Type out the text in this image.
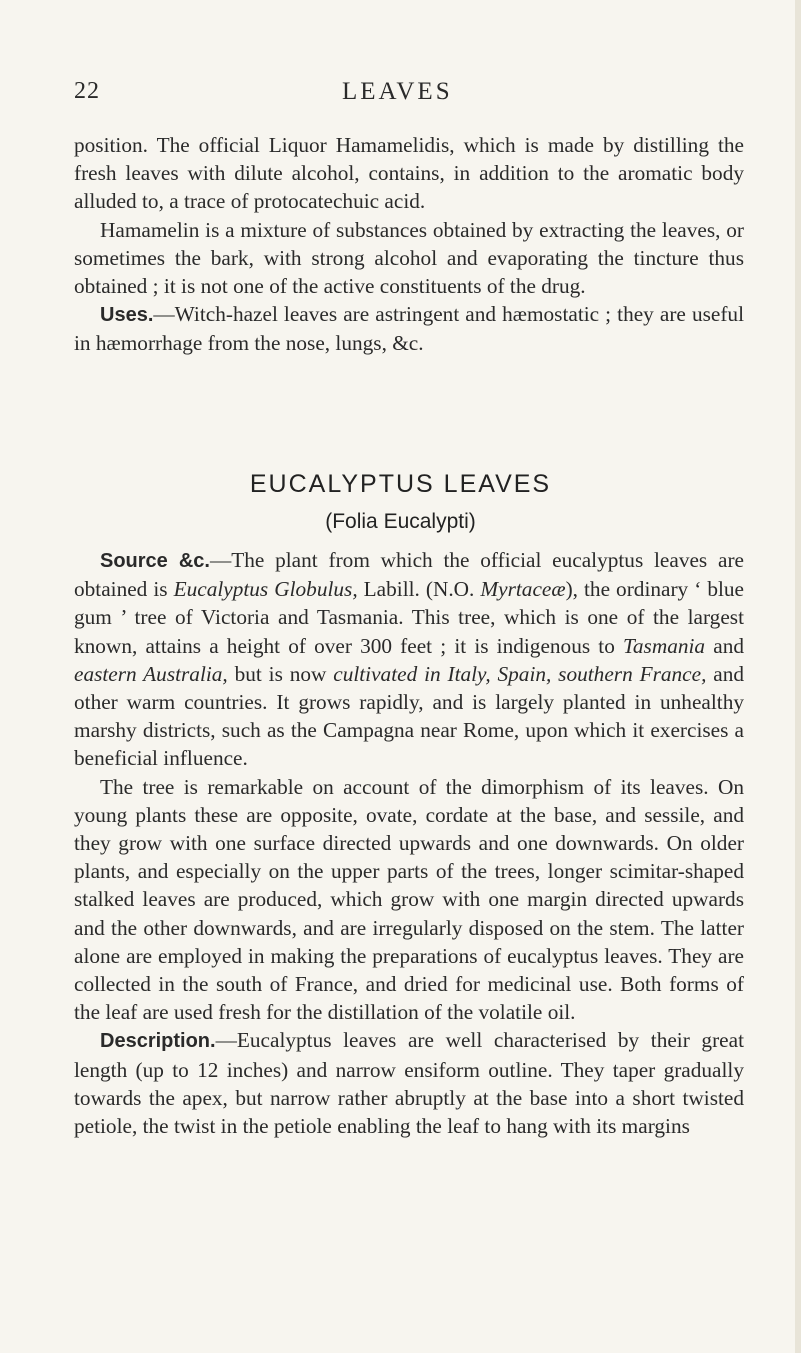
22	LEAVES

position. The official Liquor Hamamelidis, which is made by distilling the fresh leaves with dilute alcohol, contains, in addition to the aromatic body alluded to, a trace of protocatechuic acid.

Hamamelin is a mixture of substances obtained by extracting the leaves, or sometimes the bark, with strong alcohol and evaporating the tincture thus obtained ; it is not one of the active constituents of the drug.

Uses.—Witch-hazel leaves are astringent and hæmostatic ; they are useful in hæmorrhage from the nose, lungs, &c.

EUCALYPTUS LEAVES
(Folia Eucalypti)

Source &c.—The plant from which the official eucalyptus leaves are obtained is Eucalyptus Globulus, Labill. (N.O. Myrtaceæ), the ordinary ‘ blue gum ’ tree of Victoria and Tasmania. This tree, which is one of the largest known, attains a height of over 300 feet ; it is indigenous to Tasmania and eastern Australia, but is now cultivated in Italy, Spain, southern France, and other warm countries. It grows rapidly, and is largely planted in unhealthy marshy districts, such as the Campagna near Rome, upon which it exercises a beneficial influence.

The tree is remarkable on account of the dimorphism of its leaves. On young plants these are opposite, ovate, cordate at the base, and sessile, and they grow with one surface directed upwards and one downwards. On older plants, and especially on the upper parts of the trees, longer scimitar-shaped stalked leaves are produced, which grow with one margin directed upwards and the other downwards, and are irregularly disposed on the stem. The latter alone are employed in making the preparations of eucalyptus leaves. They are collected in the south of France, and dried for medicinal use. Both forms of the leaf are used fresh for the distillation of the volatile oil.

Description.—Eucalyptus leaves are well characterised by their great length (up to 12 inches) and narrow ensiform outline. They taper gradually towards the apex, but narrow rather abruptly at the base into a short twisted petiole, the twist in the petiole enabling the leaf to hang with its margins
